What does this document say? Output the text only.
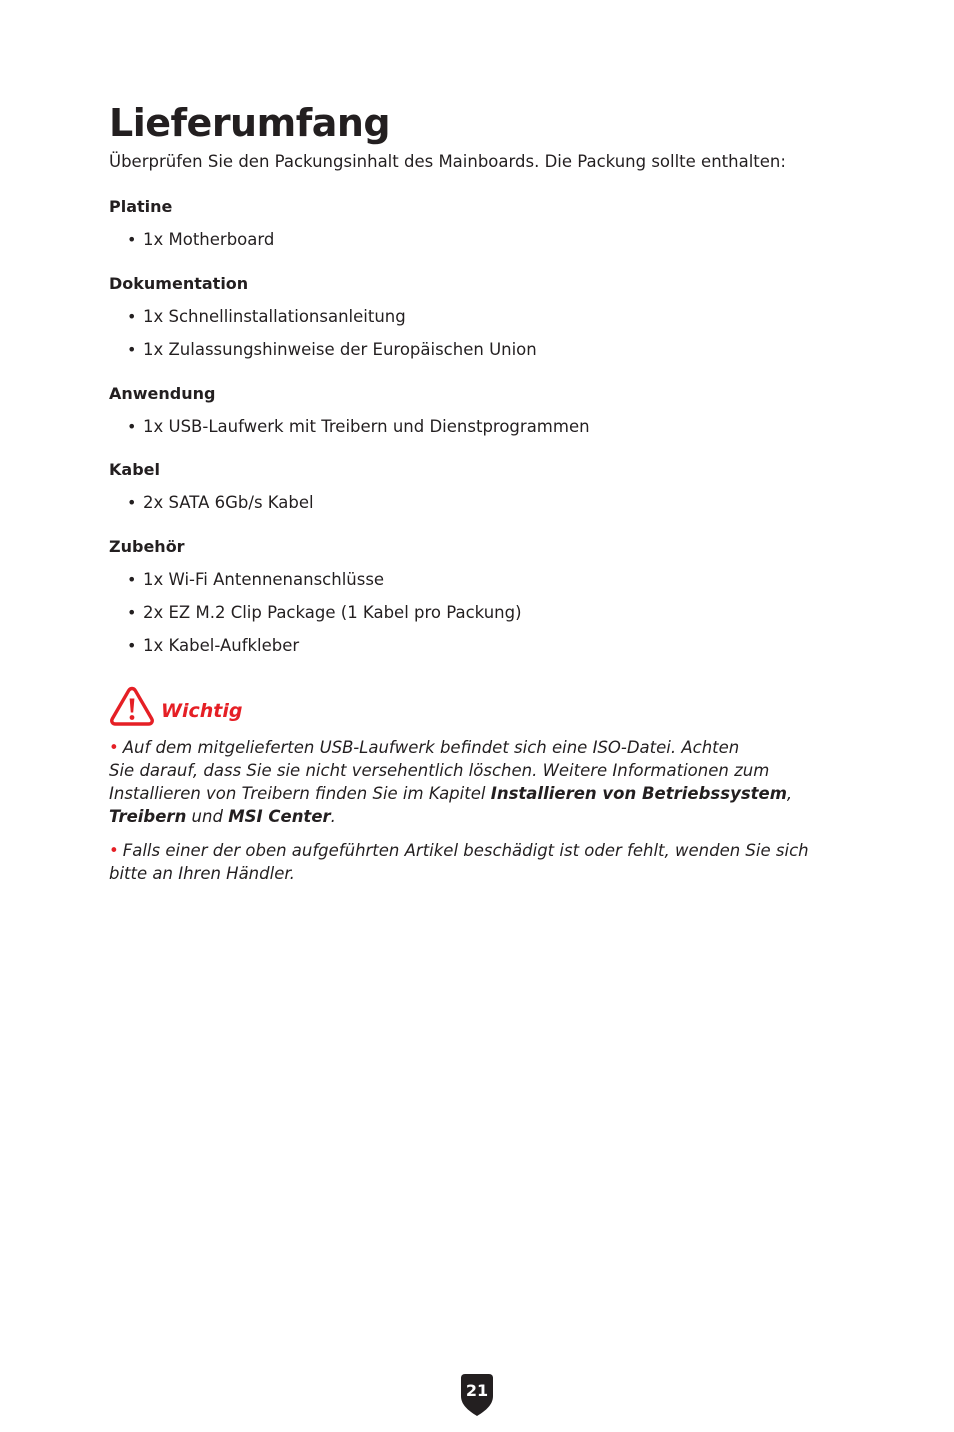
Lieferumfang

Überprüfen Sie den Packungsinhalt des Mainboards. Die Packung sollte enthalten:

Platine
• 1x Motherboard
Dokumentation
• 1x Schnellinstallationsanleitung
• 1x Zulassungshinweise der Europäischen Union
Anwendung
• 1x USB-Laufwerk mit Treibern und Dienstprogrammen
Kabel
• 2x SATA 6Gb/s Kabel
Zubehör
• 1x Wi-Fi Antennenanschlüsse
• 2x EZ M.2 Clip Package (1 Kabel pro Packung)
• 1x Kabel-Aufkleber
Wichtig

• Auf dem mitgelieferten USB-Laufwerk befindet sich eine ISO-Datei. Achten
Sie darauf, dass Sie sie nicht versehentlich löschen. Weitere Informationen zum
Installieren von Treibern finden Sie im Kapitel Installieren von Betriebssystem,
Treibern und MSI Center.

• Falls einer der oben aufgeführten Artikel beschädigt ist oder fehlt, wenden Sie sich
bitte an Ihren Händler.

21
